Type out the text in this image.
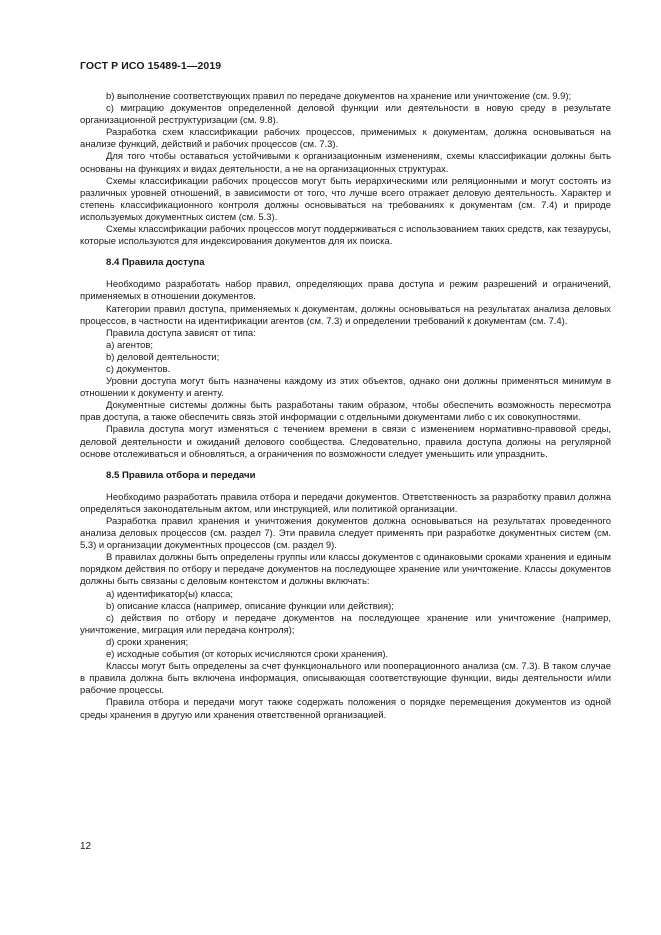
ГОСТ Р ИСО 15489-1—2019

b) выполнение соответствующих правил по передаче документов на хранение или уничтожение (см. 9.9);

c) миграцию документов определенной деловой функции или деятельности в новую среду в результате организационной реструктуризации (см. 9.8).

Разработка схем классификации рабочих процессов, применимых к документам, должна основываться на анализе функций, действий и рабочих процессов (см. 7.3).

Для того чтобы оставаться устойчивыми к организационным изменениям, схемы классификации должны быть основаны на функциях и видах деятельности, а не на организационных структурах.

Схемы классификации рабочих процессов могут быть иерархическими или реляционными и могут состоять из различных уровней отношений, в зависимости от того, что лучше всего отражает деловую деятельность. Характер и степень классификационного контроля должны основываться на требованиях к документам (см. 7.4) и природе используемых документных систем (см. 5.3).

Схемы классификации рабочих процессов могут поддерживаться с использованием таких средств, как тезаурусы, которые используются для индексирования документов для их поиска.

8.4 Правила доступа

Необходимо разработать набор правил, определяющих права доступа и режим разрешений и ограничений, применяемых в отношении документов.

Категории правил доступа, применяемых к документам, должны основываться на результатах анализа деловых процессов, в частности на идентификации агентов (см. 7.3) и определении требований к документам (см. 7.4).

Правила доступа зависят от типа:

a) агентов;

b) деловой деятельности;

c) документов.

Уровни доступа могут быть назначены каждому из этих объектов, однако они должны применяться минимум в отношении к документу и агенту.

Документные системы должны быть разработаны таким образом, чтобы обеспечить возможность пересмотра прав доступа, а также обеспечить связь этой информации с отдельными документами либо с их совокупностями.

Правила доступа могут изменяться с течением времени в связи с изменением нормативно-правовой среды, деловой деятельности и ожиданий делового сообщества. Следовательно, правила доступа должны на регулярной основе отслеживаться и обновляться, а ограничения по возможности следует уменьшить или упразднить.

8.5 Правила отбора и передачи

Необходимо разработать правила отбора и передачи документов. Ответственность за разработку правил должна определяться законодательным актом, или инструкцией, или политикой организации.

Разработка правил хранения и уничтожения документов должна основываться на результатах проведенного анализа деловых процессов (см. раздел 7). Эти правила следует применять при разработке документных систем (см. 5.3) и организации документных процессов (см. раздел 9).

В правилах должны быть определены группы или классы документов с одинаковыми сроками хранения и единым порядком действия по отбору и передаче документов на последующее хранение или уничтожение. Классы документов должны быть связаны с деловым контекстом и должны включать:

a) идентификатор(ы) класса;

b) описание класса (например, описание функции или действия);

c) действия по отбору и передаче документов на последующее хранение или уничтожение (например, уничтожение, миграция или передача контроля);

d) сроки хранения;

e) исходные события (от которых исчисляются сроки хранения).

Классы могут быть определены за счет функционального или пооперационного анализа (см. 7.3). В таком случае в правила должна быть включена информация, описывающая соответствующие функции, виды деятельности и/или рабочие процессы.

Правила отбора и передачи могут также содержать положения о порядке перемещения документов из одной среды хранения в другую или хранения ответственной организацией.

12
